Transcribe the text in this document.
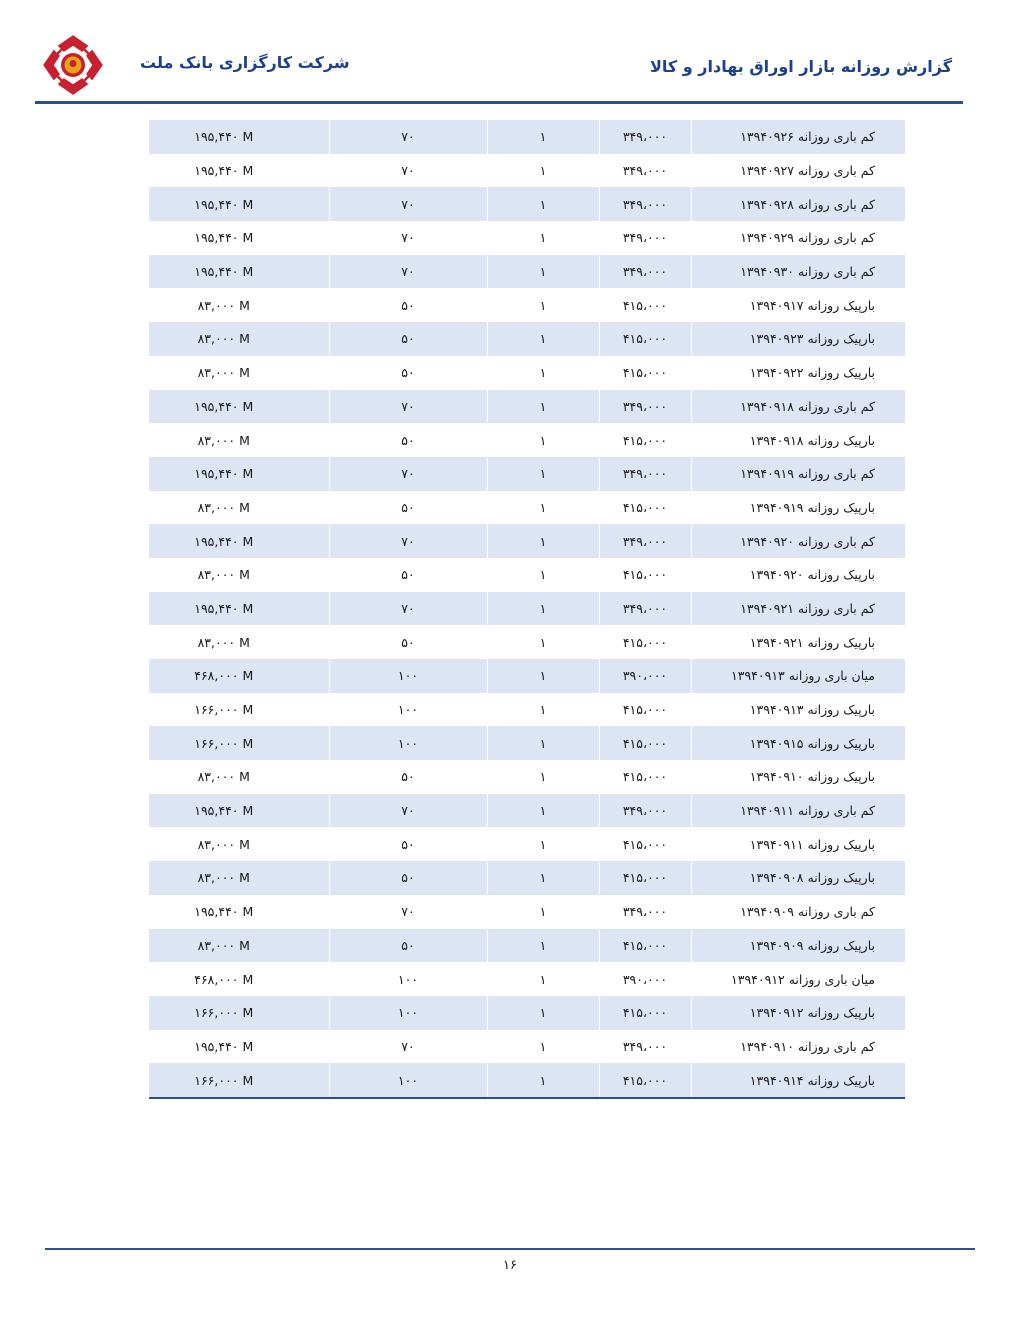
شرکت کارگزاری بانک ملت	گزارش روزانه بازار اوراق بهادار و کالا
۱۹۵,۴۴۰ M	۷۰	۱	۳۴۹،۰۰۰	کم باری روزانه ۱۳۹۴۰۹۲۶
۱۹۵,۴۴۰ M	۷۰	۱	۳۴۹،۰۰۰	کم باری روزانه ۱۳۹۴۰۹۲۷
۱۹۵,۴۴۰ M	۷۰	۱	۳۴۹،۰۰۰	کم باری روزانه ۱۳۹۴۰۹۲۸
۱۹۵,۴۴۰ M	۷۰	۱	۳۴۹،۰۰۰	کم باری روزانه ۱۳۹۴۰۹۲۹
۱۹۵,۴۴۰ M	۷۰	۱	۳۴۹،۰۰۰	کم باری روزانه ۱۳۹۴۰۹۳۰
۸۳,۰۰۰ M	۵۰	۱	۴۱۵،۰۰۰	بارپیک روزانه ۱۳۹۴۰۹۱۷
۸۳,۰۰۰ M	۵۰	۱	۴۱۵،۰۰۰	بارپیک روزانه ۱۳۹۴۰۹۲۳
۸۳,۰۰۰ M	۵۰	۱	۴۱۵،۰۰۰	بارپیک روزانه ۱۳۹۴۰۹۲۲
۱۹۵,۴۴۰ M	۷۰	۱	۳۴۹،۰۰۰	کم باری روزانه ۱۳۹۴۰۹۱۸
۸۳,۰۰۰ M	۵۰	۱	۴۱۵،۰۰۰	بارپیک روزانه ۱۳۹۴۰۹۱۸
۱۹۵,۴۴۰ M	۷۰	۱	۳۴۹،۰۰۰	کم باری روزانه ۱۳۹۴۰۹۱۹
۸۳,۰۰۰ M	۵۰	۱	۴۱۵،۰۰۰	بارپیک روزانه ۱۳۹۴۰۹۱۹
۱۹۵,۴۴۰ M	۷۰	۱	۳۴۹،۰۰۰	کم باری روزانه ۱۳۹۴۰۹۲۰
۸۳,۰۰۰ M	۵۰	۱	۴۱۵،۰۰۰	بارپیک روزانه ۱۳۹۴۰۹۲۰
۱۹۵,۴۴۰ M	۷۰	۱	۳۴۹،۰۰۰	کم باری روزانه ۱۳۹۴۰۹۲۱
۸۳,۰۰۰ M	۵۰	۱	۴۱۵،۰۰۰	بارپیک روزانه ۱۳۹۴۰۹۲۱
۴۶۸,۰۰۰ M	۱۰۰	۱	۳۹۰،۰۰۰	میان باری روزانه ۱۳۹۴۰۹۱۳
۱۶۶,۰۰۰ M	۱۰۰	۱	۴۱۵،۰۰۰	بارپیک روزانه ۱۳۹۴۰۹۱۳
۱۶۶,۰۰۰ M	۱۰۰	۱	۴۱۵،۰۰۰	بارپیک روزانه ۱۳۹۴۰۹۱۵
۸۳,۰۰۰ M	۵۰	۱	۴۱۵،۰۰۰	بارپیک روزانه ۱۳۹۴۰۹۱۰
۱۹۵,۴۴۰ M	۷۰	۱	۳۴۹،۰۰۰	کم باری روزانه ۱۳۹۴۰۹۱۱
۸۳,۰۰۰ M	۵۰	۱	۴۱۵،۰۰۰	بارپیک روزانه ۱۳۹۴۰۹۱۱
۸۳,۰۰۰ M	۵۰	۱	۴۱۵،۰۰۰	بارپیک روزانه ۱۳۹۴۰۹۰۸
۱۹۵,۴۴۰ M	۷۰	۱	۳۴۹،۰۰۰	کم باری روزانه ۱۳۹۴۰۹۰۹
۸۳,۰۰۰ M	۵۰	۱	۴۱۵،۰۰۰	بارپیک روزانه ۱۳۹۴۰۹۰۹
۴۶۸,۰۰۰ M	۱۰۰	۱	۳۹۰،۰۰۰	میان باری روزانه ۱۳۹۴۰۹۱۲
۱۶۶,۰۰۰ M	۱۰۰	۱	۴۱۵،۰۰۰	بارپیک روزانه ۱۳۹۴۰۹۱۲
۱۹۵,۴۴۰ M	۷۰	۱	۳۴۹،۰۰۰	کم باری روزانه ۱۳۹۴۰۹۱۰
۱۶۶,۰۰۰ M	۱۰۰	۱	۴۱۵،۰۰۰	بارپیک روزانه ۱۳۹۴۰۹۱۴
۱۶
